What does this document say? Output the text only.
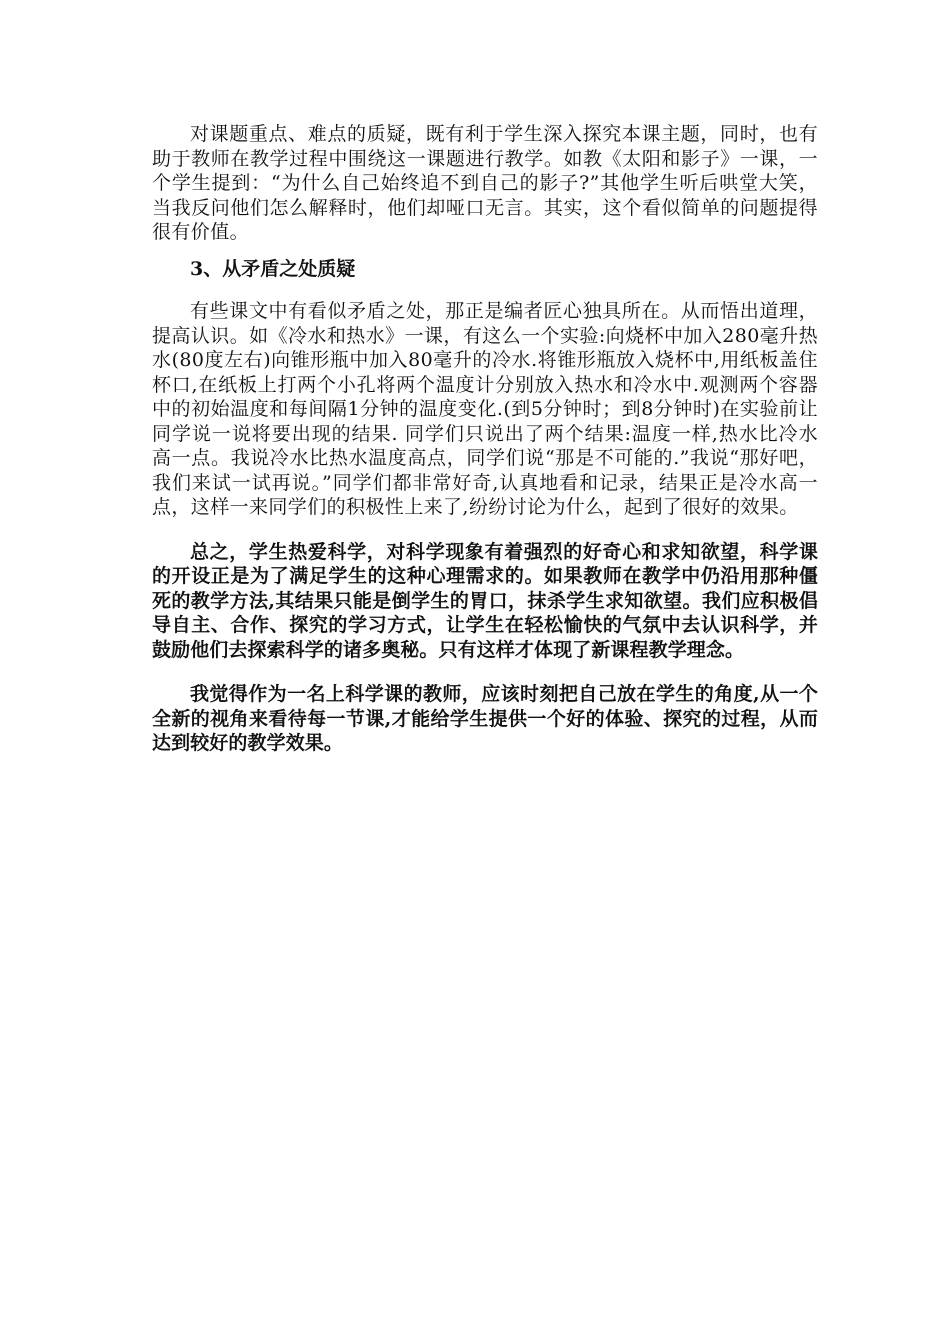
对课题重点、难点的质疑，既有利于学生深入探究本课主题，同时，也有助于教师在教学过程中围绕这一课题进行教学。如教《太阳和影子》一课，一个学生提到：“为什么自己始终追不到自己的影子?”其他学生听后哄堂大笑，当我反问他们怎么解释时，他们却哑口无言。其实，这个看似简单的问题提得很有价值。

3、从矛盾之处质疑

有些课文中有看似矛盾之处，那正是编者匠心独具所在。从而悟出道理，提高认识。如《冷水和热水》一课，有这么一个实验:向烧杯中加入280毫升热水(80度左右)向锥形瓶中加入80毫升的冷水.将锥形瓶放入烧杯中,用纸板盖住杯口,在纸板上打两个小孔将两个温度计分别放入热水和冷水中.观测两个容器中的初始温度和每间隔1分钟的温度变化.(到5分钟时；到8分钟时)在实验前让同学说一说将要出现的结果. 同学们只说出了两个结果:温度一样,热水比冷水高一点。我说冷水比热水温度高点，同学们说“那是不可能的.”我说“那好吧，我们来试一试再说。”同学们都非常好奇,认真地看和记录，结果正是冷水高一点，这样一来同学们的积极性上来了,纷纷讨论为什么，起到了很好的效果。

总之，学生热爱科学，对科学现象有着强烈的好奇心和求知欲望，科学课的开设正是为了满足学生的这种心理需求的。如果教师在教学中仍沿用那种僵死的教学方法,其结果只能是倒学生的胃口，抹杀学生求知欲望。我们应积极倡导自主、合作、探究的学习方式，让学生在轻松愉快的气氛中去认识科学，并鼓励他们去探索科学的诸多奥秘。只有这样才体现了新课程教学理念。

我觉得作为一名上科学课的教师，应该时刻把自己放在学生的角度,从一个全新的视角来看待每一节课,才能给学生提供一个好的体验、探究的过程，从而达到较好的教学效果。
